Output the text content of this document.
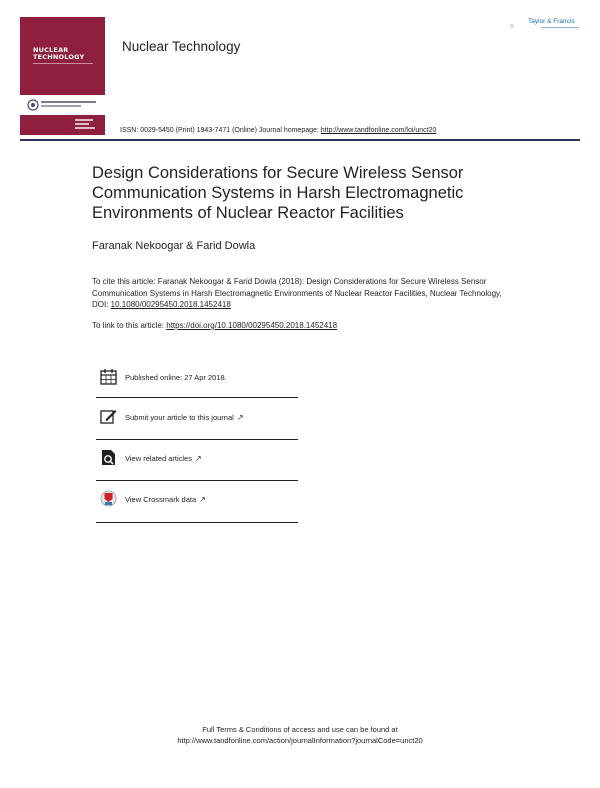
NUCLEAR
TECHNOLOGY
Nuclear Technology
Taylor & Francis
ISSN: 0029-5450 (Print) 1943-7471 (Online) Journal homepage: http://www.tandfonline.com/loi/unct20
Design Considerations for Secure Wireless Sensor Communication Systems in Harsh Electromagnetic Environments of Nuclear Reactor Facilities
Faranak Nekoogar & Farid Dowla
To cite this article: Faranak Nekoogar & Farid Dowla (2018): Design Considerations for Secure Wireless Sensor Communication Systems in Harsh Electromagnetic Environments of Nuclear Reactor Facilities, Nuclear Technology, DOI: 10.1080/00295450.2018.1452418
To link to this article: https://doi.org/10.1080/00295450.2018.1452418
Published online: 27 Apr 2018.
Submit your article to this journal ↗
View related articles ↗
View Crossmark data ↗
Full Terms & Conditions of access and use can be found at
http://www.tandfonline.com/action/journalInformation?journalCode=unct20
